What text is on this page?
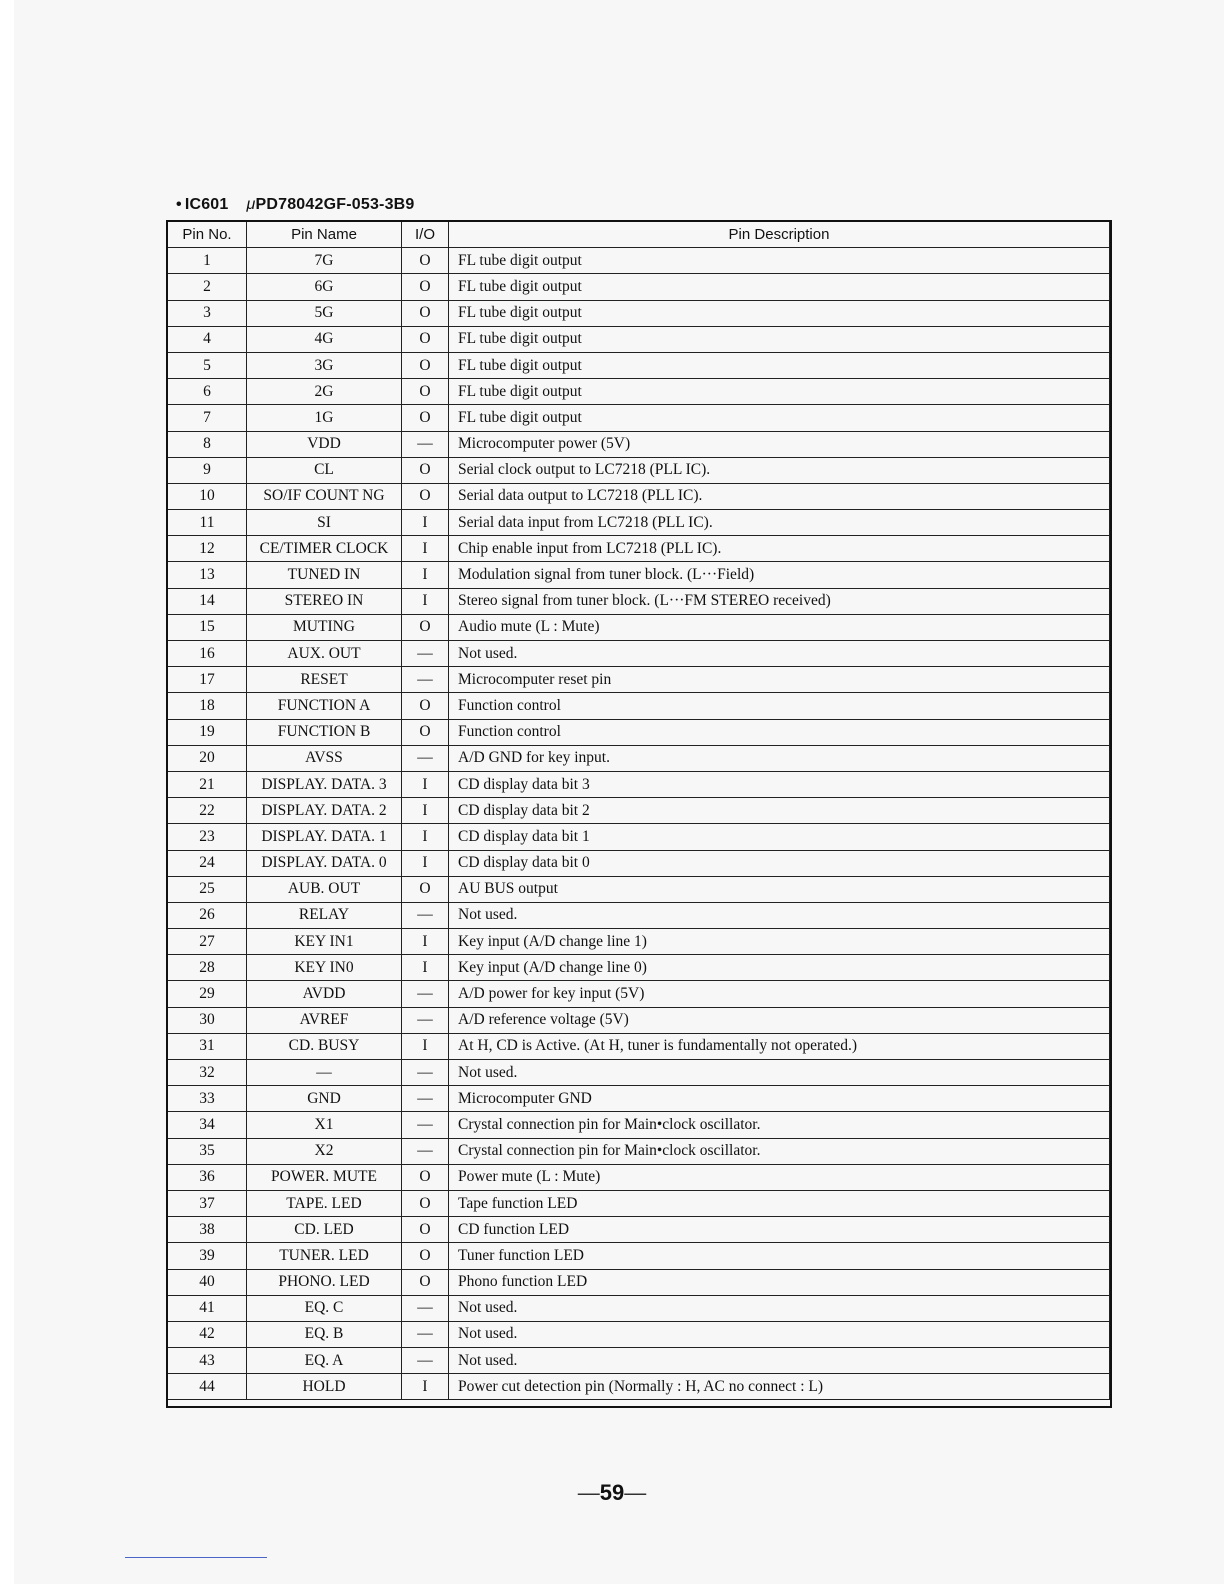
• IC601 μPD78042GF-053-3B9
Pin No.	Pin Name	I/O	Pin Description
1	7G	O	FL tube digit output
2	6G	O	FL tube digit output
3	5G	O	FL tube digit output
4	4G	O	FL tube digit output
5	3G	O	FL tube digit output
6	2G	O	FL tube digit output
7	1G	O	FL tube digit output
8	VDD	—	Microcomputer power (5V)
9	CL	O	Serial clock output to LC7218 (PLL IC).
10	SO/IF COUNT NG	O	Serial data output to LC7218 (PLL IC).
11	SI	I	Serial data input from LC7218 (PLL IC).
12	CE/TIMER CLOCK	I	Chip enable input from LC7218 (PLL IC).
13	TUNED IN	I	Modulation signal from tuner block. (L···Field)
14	STEREO IN	I	Stereo signal from tuner block. (L···FM STEREO received)
15	MUTING	O	Audio mute (L : Mute)
16	AUX. OUT	—	Not used.
17	RESET	—	Microcomputer reset pin
18	FUNCTION A	O	Function control
19	FUNCTION B	O	Function control
20	AVSS	—	A/D GND for key input.
21	DISPLAY. DATA. 3	I	CD display data bit 3
22	DISPLAY. DATA. 2	I	CD display data bit 2
23	DISPLAY. DATA. 1	I	CD display data bit 1
24	DISPLAY. DATA. 0	I	CD display data bit 0
25	AUB. OUT	O	AU BUS output
26	RELAY	—	Not used.
27	KEY IN1	I	Key input (A/D change line 1)
28	KEY IN0	I	Key input (A/D change line 0)
29	AVDD	—	A/D power for key input (5V)
30	AVREF	—	A/D reference voltage (5V)
31	CD. BUSY	I	At H, CD is Active. (At H, tuner is fundamentally not operated.)
32	—	—	Not used.
33	GND	—	Microcomputer GND
34	X1	—	Crystal connection pin for Main•clock oscillator.
35	X2	—	Crystal connection pin for Main•clock oscillator.
36	POWER. MUTE	O	Power mute (L : Mute)
37	TAPE. LED	O	Tape function LED
38	CD. LED	O	CD function LED
39	TUNER. LED	O	Tuner function LED
40	PHONO. LED	O	Phono function LED
41	EQ. C	—	Not used.
42	EQ. B	—	Not used.
43	EQ. A	—	Not used.
44	HOLD	I	Power cut detection pin (Normally : H, AC no connect : L)
—59—
